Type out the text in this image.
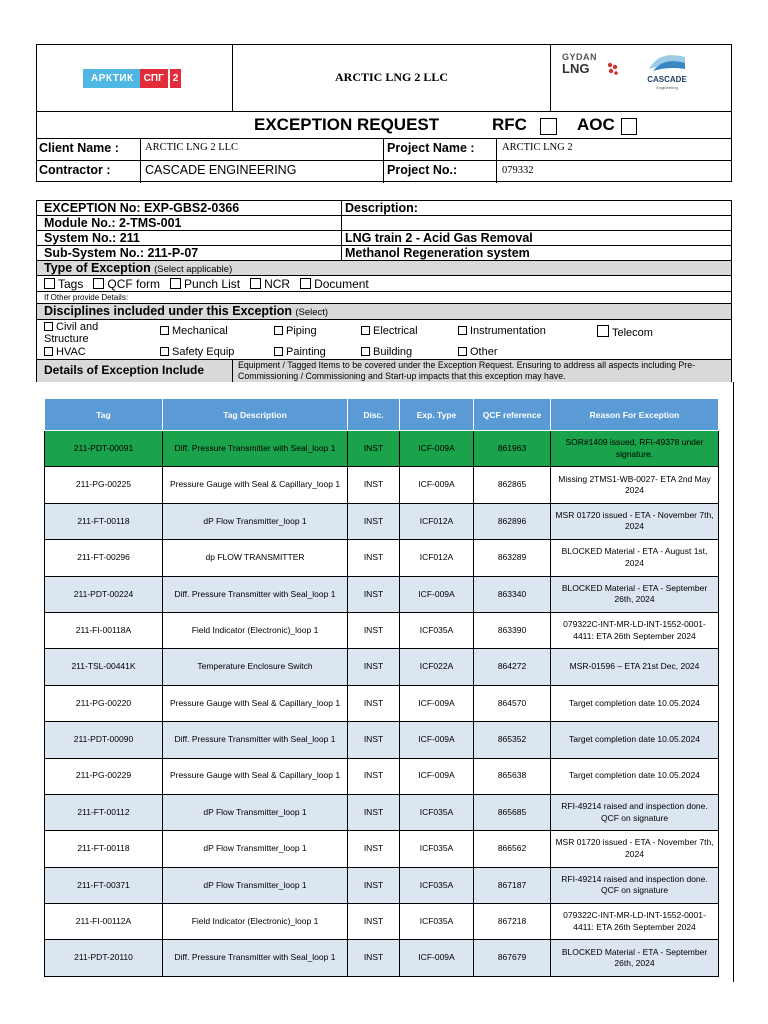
АРКТИК	СПГ 2	ARCTIC LNG 2 LLC
GYDAN
LNG
CASCADE
Engineering
EXCEPTION REQUEST	RFC	AOC
Client Name : ARCTIC LNG 2 LLC	Project Name :	ARCTIC LNG 2
Contractor :	CASCADE ENGINEERING	Project No.:	079332
EXCEPTION No: EXP-GBS2-0366	Description:
Module No.: 2-TMS-001
System No.: 211	LNG train 2 - Acid Gas Removal
Sub-System No.: 211-P-07	Methanol Regeneration system
Type of Exception (Select applicable)
Tags	QCF form	Punch List	NCR	Document
If Other provide Details:
Disciplines included under this Exception (Select)
Civil and Structure
Mechanical	Piping	Electrical	Instrumentation	Telecom
HVAC	Safety Equip	Painting	Building	Other
Details of Exception Include	Equipment / Tagged Items to be covered under the Exception Request. Ensuring to address all aspects including Pre-Commissioning / Commissioning and Start-up impacts that this exception may have.
Tag	Tag Description	Disc.	Exp. Type	QCF reference	Reason For Exception
211-PDT-00091	Diff. Pressure Transmitter with Seal_loop 1	INST	ICF-009A	861963	SOR#1409 issued, RFI-49378 under signature.
211-PG-00225	Pressure Gauge with Seal & Capillary_loop 1	INST	ICF-009A	862865	Missing 2TMS1-WB-0027- ETA 2nd May 2024
211-FT-00118	dP Flow Transmitter_loop 1	INST	ICF012A	862896	MSR 01720 issued - ETA - November 7th, 2024
211-FT-00296	dp FLOW TRANSMITTER	INST	ICF012A	863289	BLOCKED Material - ETA - August 1st, 2024
211-PDT-00224	Diff. Pressure Transmitter with Seal_loop 1	INST	ICF-009A	863340	BLOCKED Material - ETA - September 26th, 2024
211-FI-00118A	Field Indicator (Electronic)_loop 1	INST	ICF035A	863390	079322C-INT-MR-LD-INT-1552-0001-4411: ETA 26th September 2024
211-TSL-00441K	Temperature Enclosure Switch	INST	ICF022A	864272	MSR-01596 – ETA 21st Dec, 2024
211-PG-00220	Pressure Gauge with Seal & Capillary_loop 1	INST	ICF-009A	864570	Target completion date 10.05.2024
211-PDT-00090	Diff. Pressure Transmitter with Seal_loop 1	INST	ICF-009A	865352	Target completion date 10.05.2024
211-PG-00229	Pressure Gauge with Seal & Capillary_loop 1	INST	ICF-009A	865638	Target completion date 10.05.2024
211-FT-00112	dP Flow Transmitter_loop 1	INST	ICF035A	865685	RFI-49214 raised and inspection done. QCF on signature
211-FT-00118	dP Flow Transmitter_loop 1	INST	ICF035A	866562	MSR 01720 issued - ETA - November 7th, 2024
211-FT-00371	dP Flow Transmitter_loop 1	INST	ICF035A	867187	RFI-49214 raised and inspection done. QCF on signature
211-FI-00112A	Field Indicator (Electronic)_loop 1	INST	ICF035A	867218	079322C-INT-MR-LD-INT-1552-0001-4411: ETA 26th September 2024
211-PDT-20110	Diff. Pressure Transmitter with Seal_loop 1	INST	ICF-009A	867679	BLOCKED Material - ETA - September 26th, 2024
